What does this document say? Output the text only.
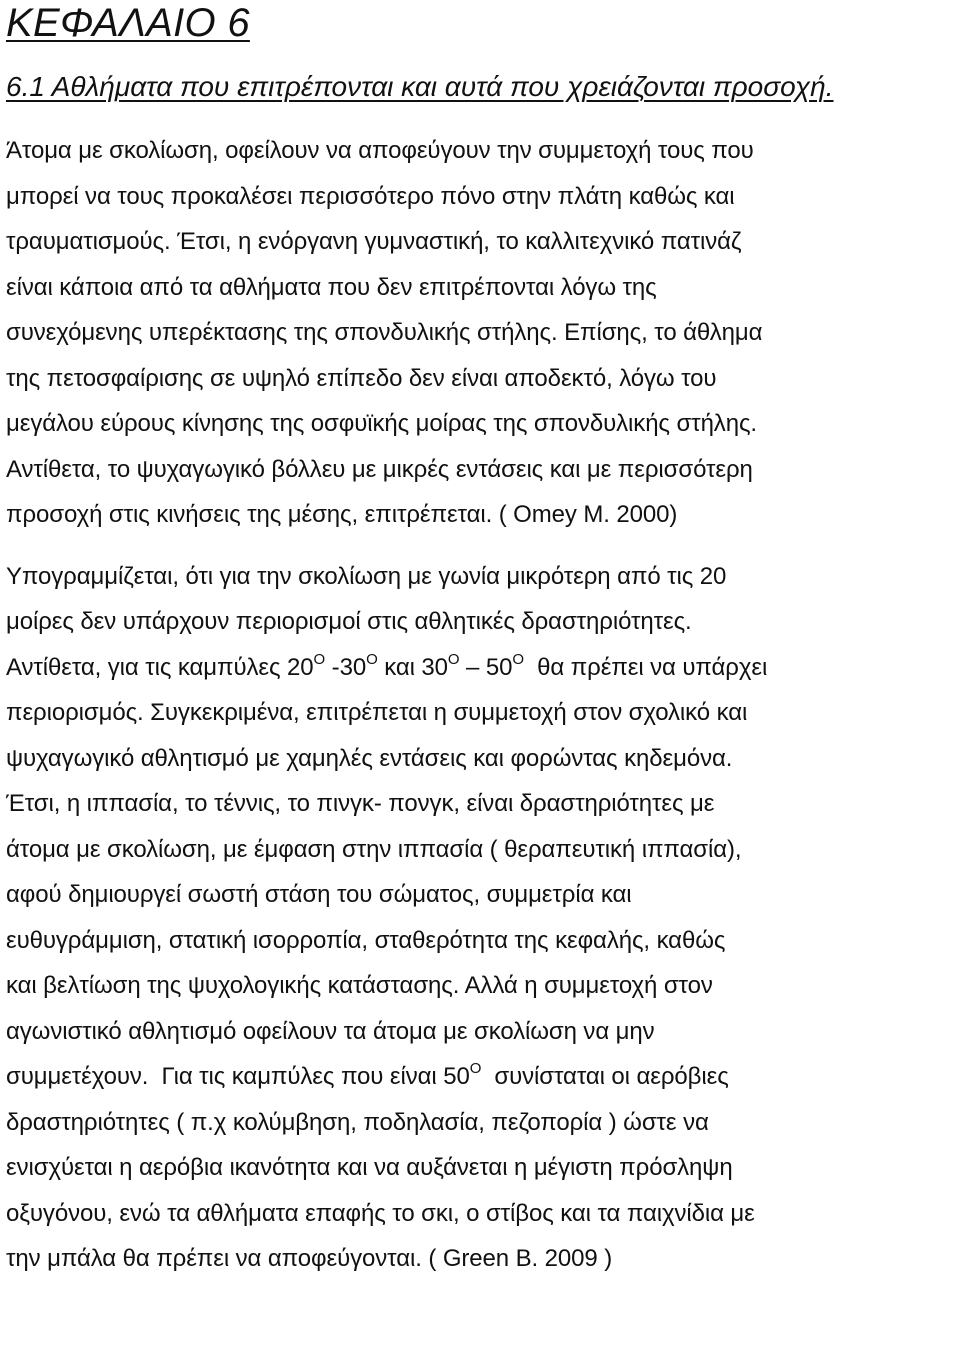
ΚΕΦΑΛΑΙΟ 6
6.1 Αθλήματα που επιτρέπονται και αυτά που χρειάζονται προσοχή.
Άτομα με σκολίωση, οφείλουν να αποφεύγουν την συμμετοχή τους που
μπορεί να τους προκαλέσει περισσότερο πόνο στην πλάτη καθώς και
τραυματισμούς. Έτσι, η ενόργανη γυμναστική, το καλλιτεχνικό πατινάζ
είναι κάποια από τα αθλήματα που δεν επιτρέπονται λόγω της
συνεχόμενης υπερέκτασης της σπονδυλικής στήλης. Επίσης, το άθλημα
της πετοσφαίρισης σε υψηλό επίπεδο δεν είναι αποδεκτό, λόγω του
μεγάλου εύρους κίνησης της οσφυϊκής μοίρας της σπονδυλικής στήλης.
Αντίθετα, το ψυχαγωγικό βόλλευ με μικρές εντάσεις και με περισσότερη
προσοχή στις κινήσεις της μέσης, επιτρέπεται. ( Omey M. 2000)
Υπογραμμίζεται, ότι για την σκολίωση με γωνία μικρότερη από τις 20
μοίρες δεν υπάρχουν περιορισμοί στις αθλητικές δραστηριότητες.
Αντίθετα, για τις καμπύλες $20^O$ $-30^O$ και $30^O - 50^O$  θα πρέπει να υπάρχει
περιορισμός. Συγκεκριμένα, επιτρέπεται η συμμετοχή στον σχολικό και
ψυχαγωγικό αθλητισμό με χαμηλές εντάσεις και φορώντας κηδεμόνα.
Έτσι, η ιππασία, το τέννις, το πινγκ- πονγκ, είναι δραστηριότητες με
άτομα με σκολίωση, με έμφαση στην ιππασία ( θεραπευτική ιππασία),
αφού δημιουργεί σωστή στάση του σώματος, συμμετρία και
ευθυγράμμιση, στατική ισορροπία, σταθερότητα της κεφαλής, καθώς
και βελτίωση της ψυχολογικής κατάστασης. Αλλά η συμμετοχή στον
αγωνιστικό αθλητισμό οφείλουν τα άτομα με σκολίωση να μην
συμμετέχουν.  Για τις καμπύλες που είναι $50^O$  συνίσταται οι αερόβιες
δραστηριότητες ( π.χ κολύμβηση, ποδηλασία, πεζοπορία ) ώστε να
ενισχύεται η αερόβια ικανότητα και να αυξάνεται η μέγιστη πρόσληψη
οξυγόνου, ενώ τα αθλήματα επαφής το σκι, ο στίβος και τα παιχνίδια με
την μπάλα θα πρέπει να αποφεύγονται. ( Green B. 2009 )
